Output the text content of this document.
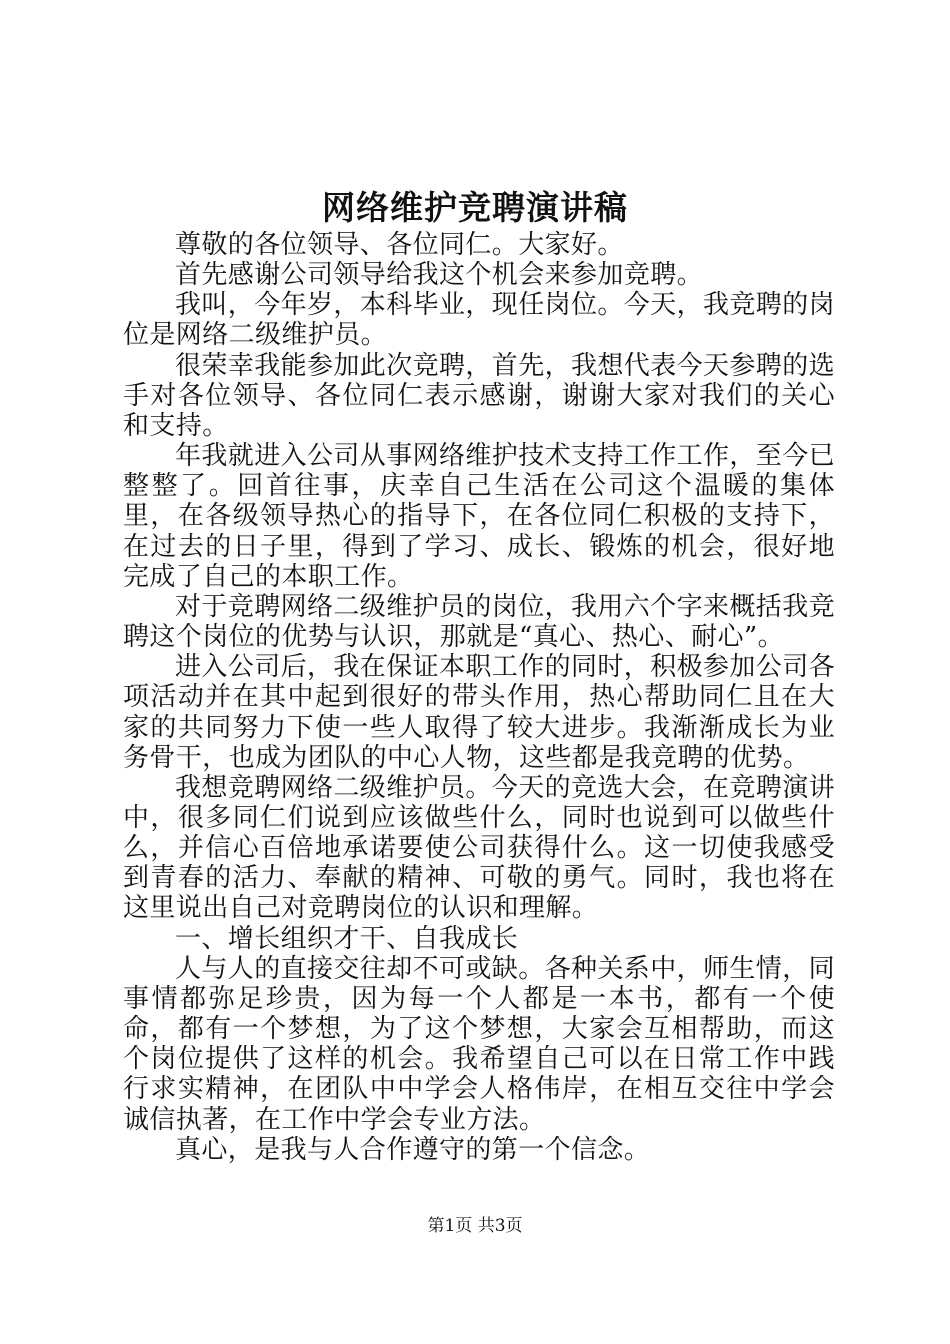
网络维护竞聘演讲稿

尊敬的各位领导、各位同仁。大家好。

首先感谢公司领导给我这个机会来参加竞聘。

我叫，今年岁，本科毕业，现任岗位。今天，我竞聘的岗位是网络二级维护员。

很荣幸我能参加此次竞聘，首先，我想代表今天参聘的选手对各位领导、各位同仁表示感谢，谢谢大家对我们的关心和支持。

年我就进入公司从事网络维护技术支持工作工作，至今已整整了。回首往事，庆幸自己生活在公司这个温暖的集体里，在各级领导热心的指导下，在各位同仁积极的支持下，在过去的日子里，得到了学习、成长、锻炼的机会，很好地完成了自己的本职工作。

对于竞聘网络二级维护员的岗位，我用六个字来概括我竞聘这个岗位的优势与认识，那就是“真心、热心、耐心”。

进入公司后，我在保证本职工作的同时，积极参加公司各项活动并在其中起到很好的带头作用，热心帮助同仁且在大家的共同努力下使一些人取得了较大进步。我渐渐成长为业务骨干，也成为团队的中心人物，这些都是我竞聘的优势。

我想竞聘网络二级维护员。今天的竞选大会，在竞聘演讲中，很多同仁们说到应该做些什么，同时也说到可以做些什么，并信心百倍地承诺要使公司获得什么。这一切使我感受到青春的活力、奉献的精神、可敬的勇气。同时，我也将在这里说出自己对竞聘岗位的认识和理解。

一、增长组织才干、自我成长

人与人的直接交往却不可或缺。各种关系中，师生情，同事情都弥足珍贵，因为每一个人都是一本书，都有一个使命，都有一个梦想，为了这个梦想，大家会互相帮助，而这个岗位提供了这样的机会。我希望自己可以在日常工作中践行求实精神，在团队中中学会人格伟岸，在相互交往中学会诚信执著，在工作中学会专业方法。

真心，是我与人合作遵守的第一个信念。

第1页 共3页
